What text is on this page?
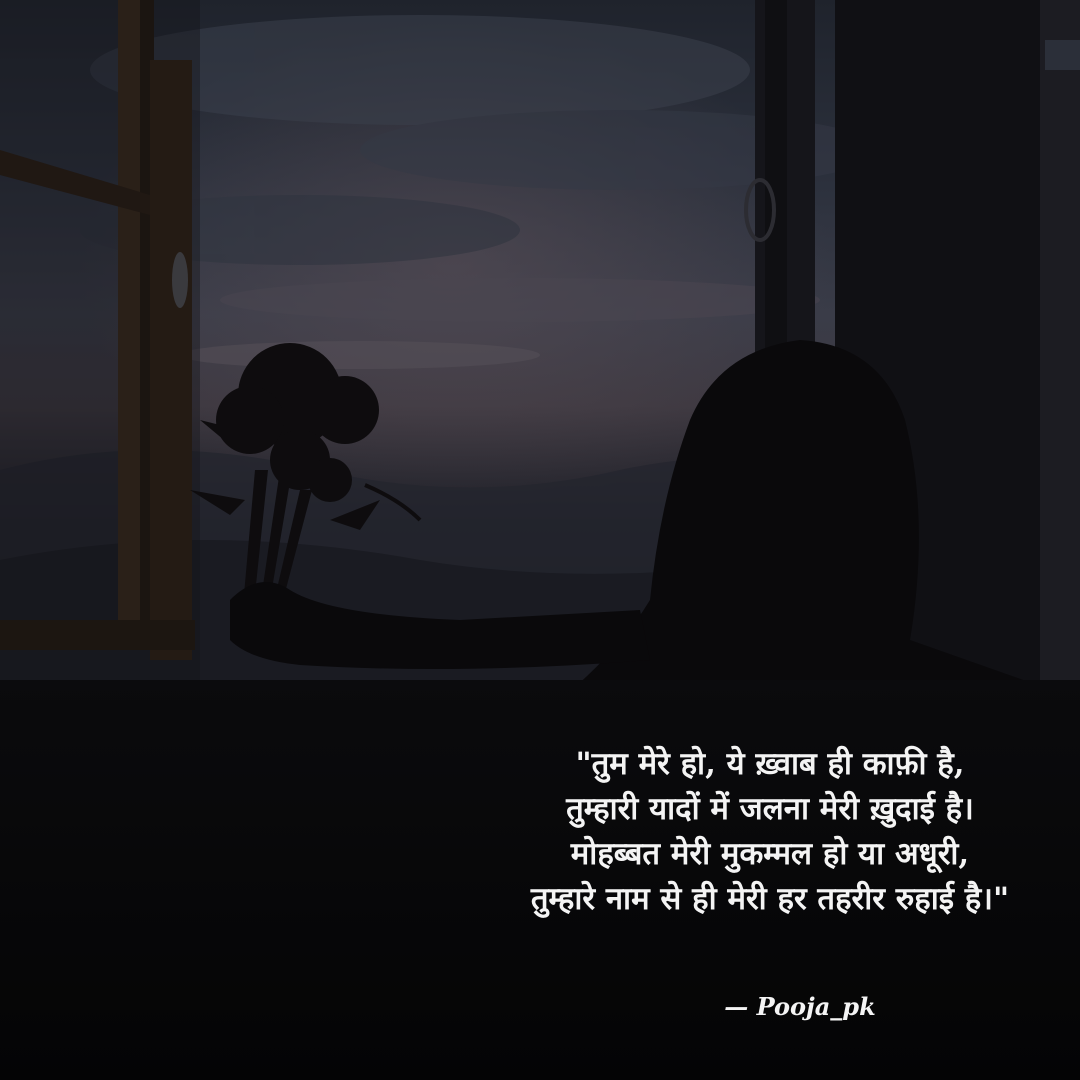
"तुम मेरे हो, ये ख़्वाब ही काफ़ी है,
तुम्हारी यादों में जलना मेरी ख़ुदाई है।
मोहब्बत मेरी मुकम्मल हो या अधूरी,
तुम्हारे नाम से ही मेरी हर तहरीर रुहाई है।"
— Pooja_pk
